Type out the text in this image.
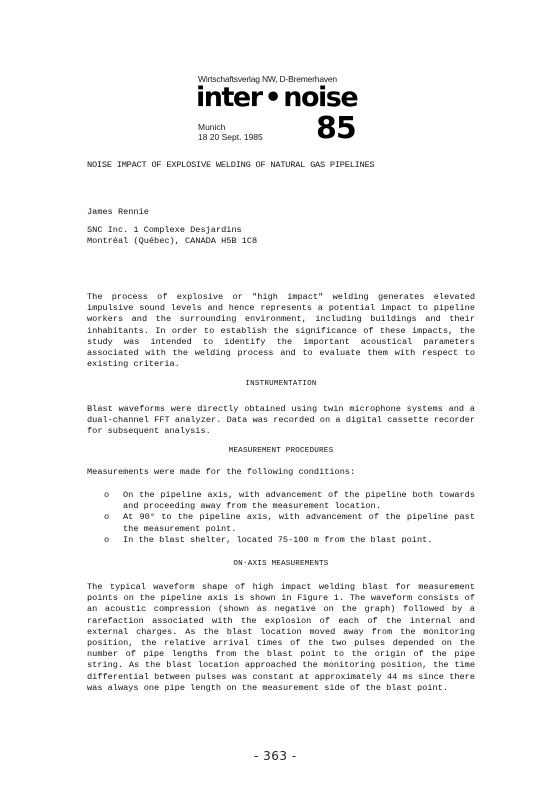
Wirtschaftsverlag NW, D-Bremerhaven
inter • noise
Munich
18 20 Sept. 1985 85
NOISE IMPACT OF EXPLOSIVE WELDING OF NATURAL GAS PIPELINES
James Rennie
SNC Inc. 1 Complexe Desjardins
Montréal (Québec), CANADA H5B 1C8
The process of explosive or "high impact" welding generates elevated impulsive sound levels and hence represents a potential impact to pipeline workers and the surrounding environment, including buildings and their inhabitants. In order to establish the significance of these impacts, the study was intended to identify the important acoustical parameters associated with the welding process and to evaluate them with respect to existing criteria.
INSTRUMENTATION
Blast waveforms were directly obtained using twin microphone systems and a dual-channel FFT analyzer. Data was recorded on a digital cassette recorder for subsequent analysis.
MEASUREMENT PROCEDURES
Measurements were made for the following conditions:
o On the pipeline axis, with advancement of the pipeline both towards and proceeding away from the measurement location.
o At 90° to the pipeline axis, with advancement of the pipeline past the measurement point.
o In the blast shelter, located 75-100 m from the blast point.
ON-AXIS MEASUREMENTS
The typical waveform shape of high impact welding blast for measurement points on the pipeline axis is shown in Figure 1. The waveform consists of an acoustic compression (shown as negative on the graph) followed by a rarefaction associated with the explosion of each of the internal and external charges. As the blast location moved away from the monitoring position, the relative arrival times of the two pulses depended on the number of pipe lengths from the blast point to the origin of the pipe string. As the blast location approached the monitoring position, the time differential between pulses was constant at approximately 44 ms since there was always one pipe length on the measurement side of the blast point.
- 363 -
